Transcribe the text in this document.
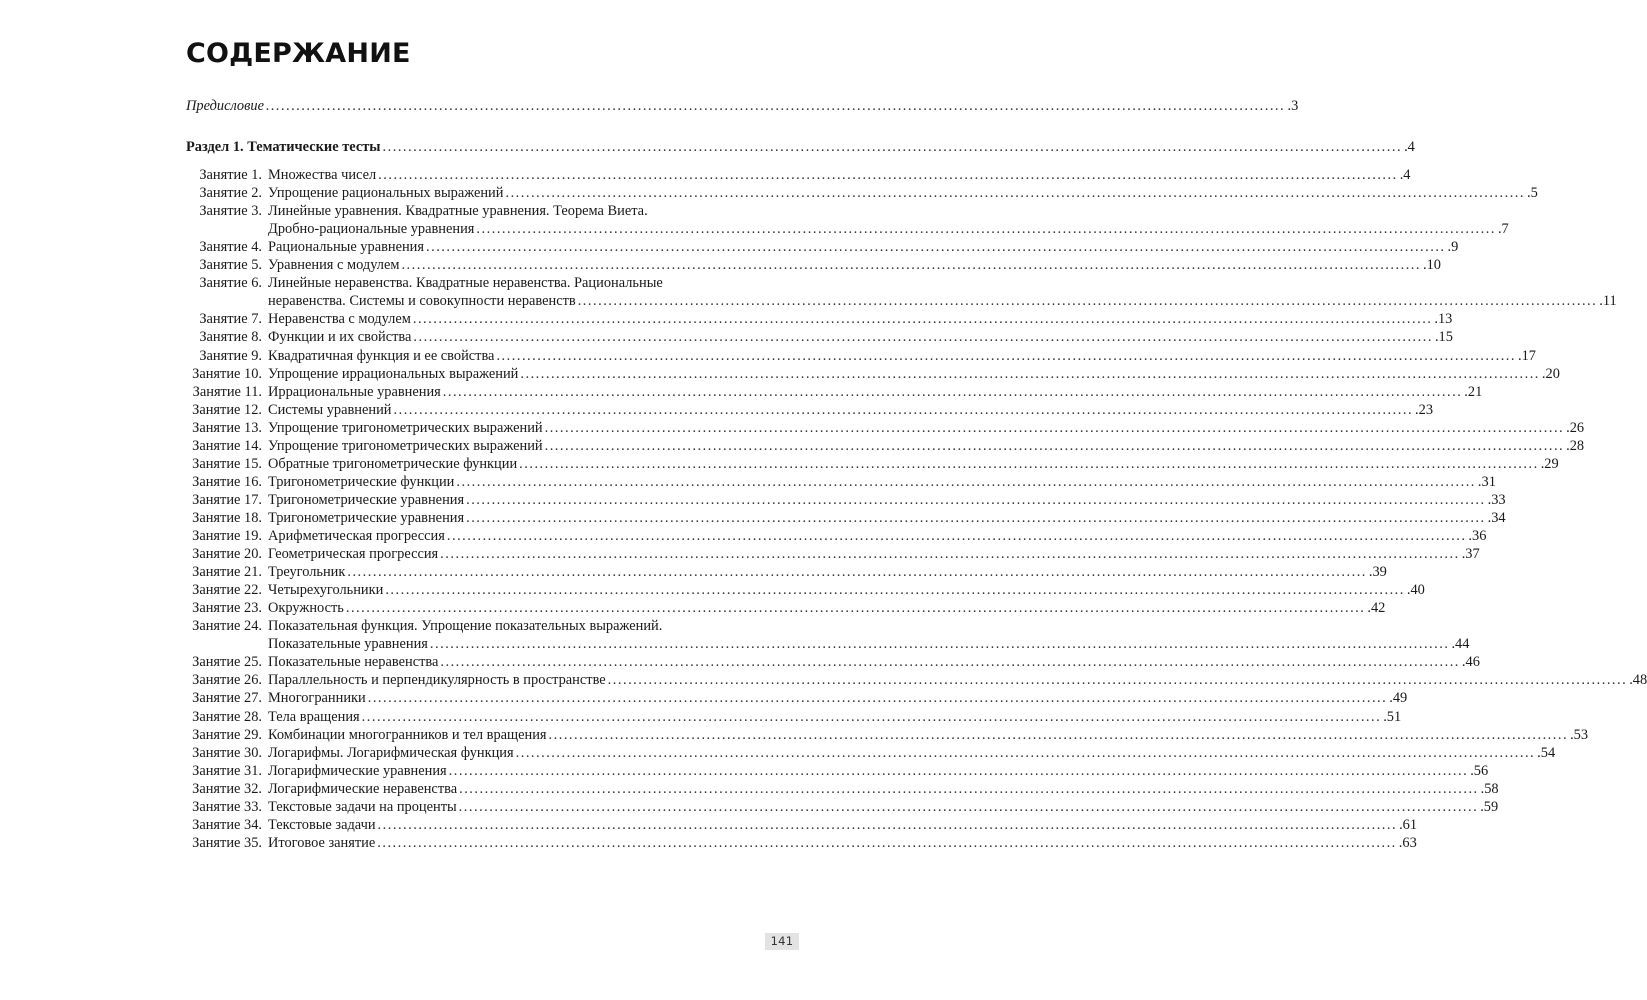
СОДЕРЖАНИЕ
Предисловие ........................................................................................................................................................................................................ .3
Раздел 1. Тематические тесты ........................................................................................................................................................................................................ .4
Занятие 1. Множества чисел ........................................................................................................................................................................................................ .4
Занятие 2. Упрощение рациональных выражений ........................................................................................................................................................................................................ .5
Занятие 3. Линейные уравнения. Квадратные уравнения. Теорема Виета.
Дробно-рациональные уравнения ........................................................................................................................................................................................................ .7
Занятие 4. Рациональные уравнения ........................................................................................................................................................................................................ .9
Занятие 5. Уравнения с модулем ........................................................................................................................................................................................................ .10
Занятие 6. Линейные неравенства. Квадратные неравенства. Рациональные
неравенства. Системы и совокупности неравенств ........................................................................................................................................................................................................ .11
Занятие 7. Неравенства с модулем ........................................................................................................................................................................................................ .13
Занятие 8. Функции и их свойства ........................................................................................................................................................................................................ .15
Занятие 9. Квадратичная функция и ее свойства ........................................................................................................................................................................................................ .17
Занятие 10. Упрощение иррациональных выражений ........................................................................................................................................................................................................ .20
Занятие 11. Иррациональные уравнения ........................................................................................................................................................................................................ .21
Занятие 12. Системы уравнений ........................................................................................................................................................................................................ .23
Занятие 13. Упрощение тригонометрических выражений ........................................................................................................................................................................................................ .26
Занятие 14. Упрощение тригонометрических выражений ........................................................................................................................................................................................................ .28
Занятие 15. Обратные тригонометрические функции ........................................................................................................................................................................................................ .29
Занятие 16. Тригонометрические функции ........................................................................................................................................................................................................ .31
Занятие 17. Тригонометрические уравнения ........................................................................................................................................................................................................ .33
Занятие 18. Тригонометрические уравнения ........................................................................................................................................................................................................ .34
Занятие 19. Арифметическая прогрессия ........................................................................................................................................................................................................ .36
Занятие 20. Геометрическая прогрессия ........................................................................................................................................................................................................ .37
Занятие 21. Треугольник ........................................................................................................................................................................................................ .39
Занятие 22. Четырехугольники ........................................................................................................................................................................................................ .40
Занятие 23. Окружность ........................................................................................................................................................................................................ .42
Занятие 24. Показательная функция. Упрощение показательных выражений.
Показательные уравнения ........................................................................................................................................................................................................ .44
Занятие 25. Показательные неравенства ........................................................................................................................................................................................................ .46
Занятие 26. Параллельность и перпендикулярность в пространстве ........................................................................................................................................................................................................ .48
Занятие 27. Многогранники ........................................................................................................................................................................................................ .49
Занятие 28. Тела вращения ........................................................................................................................................................................................................ .51
Занятие 29. Комбинации многогранников и тел вращения ........................................................................................................................................................................................................ .53
Занятие 30. Логарифмы. Логарифмическая функция ........................................................................................................................................................................................................ .54
Занятие 31. Логарифмические уравнения ........................................................................................................................................................................................................ .56
Занятие 32. Логарифмические неравенства ........................................................................................................................................................................................................ .58
Занятие 33. Текстовые задачи на проценты ........................................................................................................................................................................................................ .59
Занятие 34. Текстовые задачи ........................................................................................................................................................................................................ .61
Занятие 35. Итоговое занятие ........................................................................................................................................................................................................ .63
141
